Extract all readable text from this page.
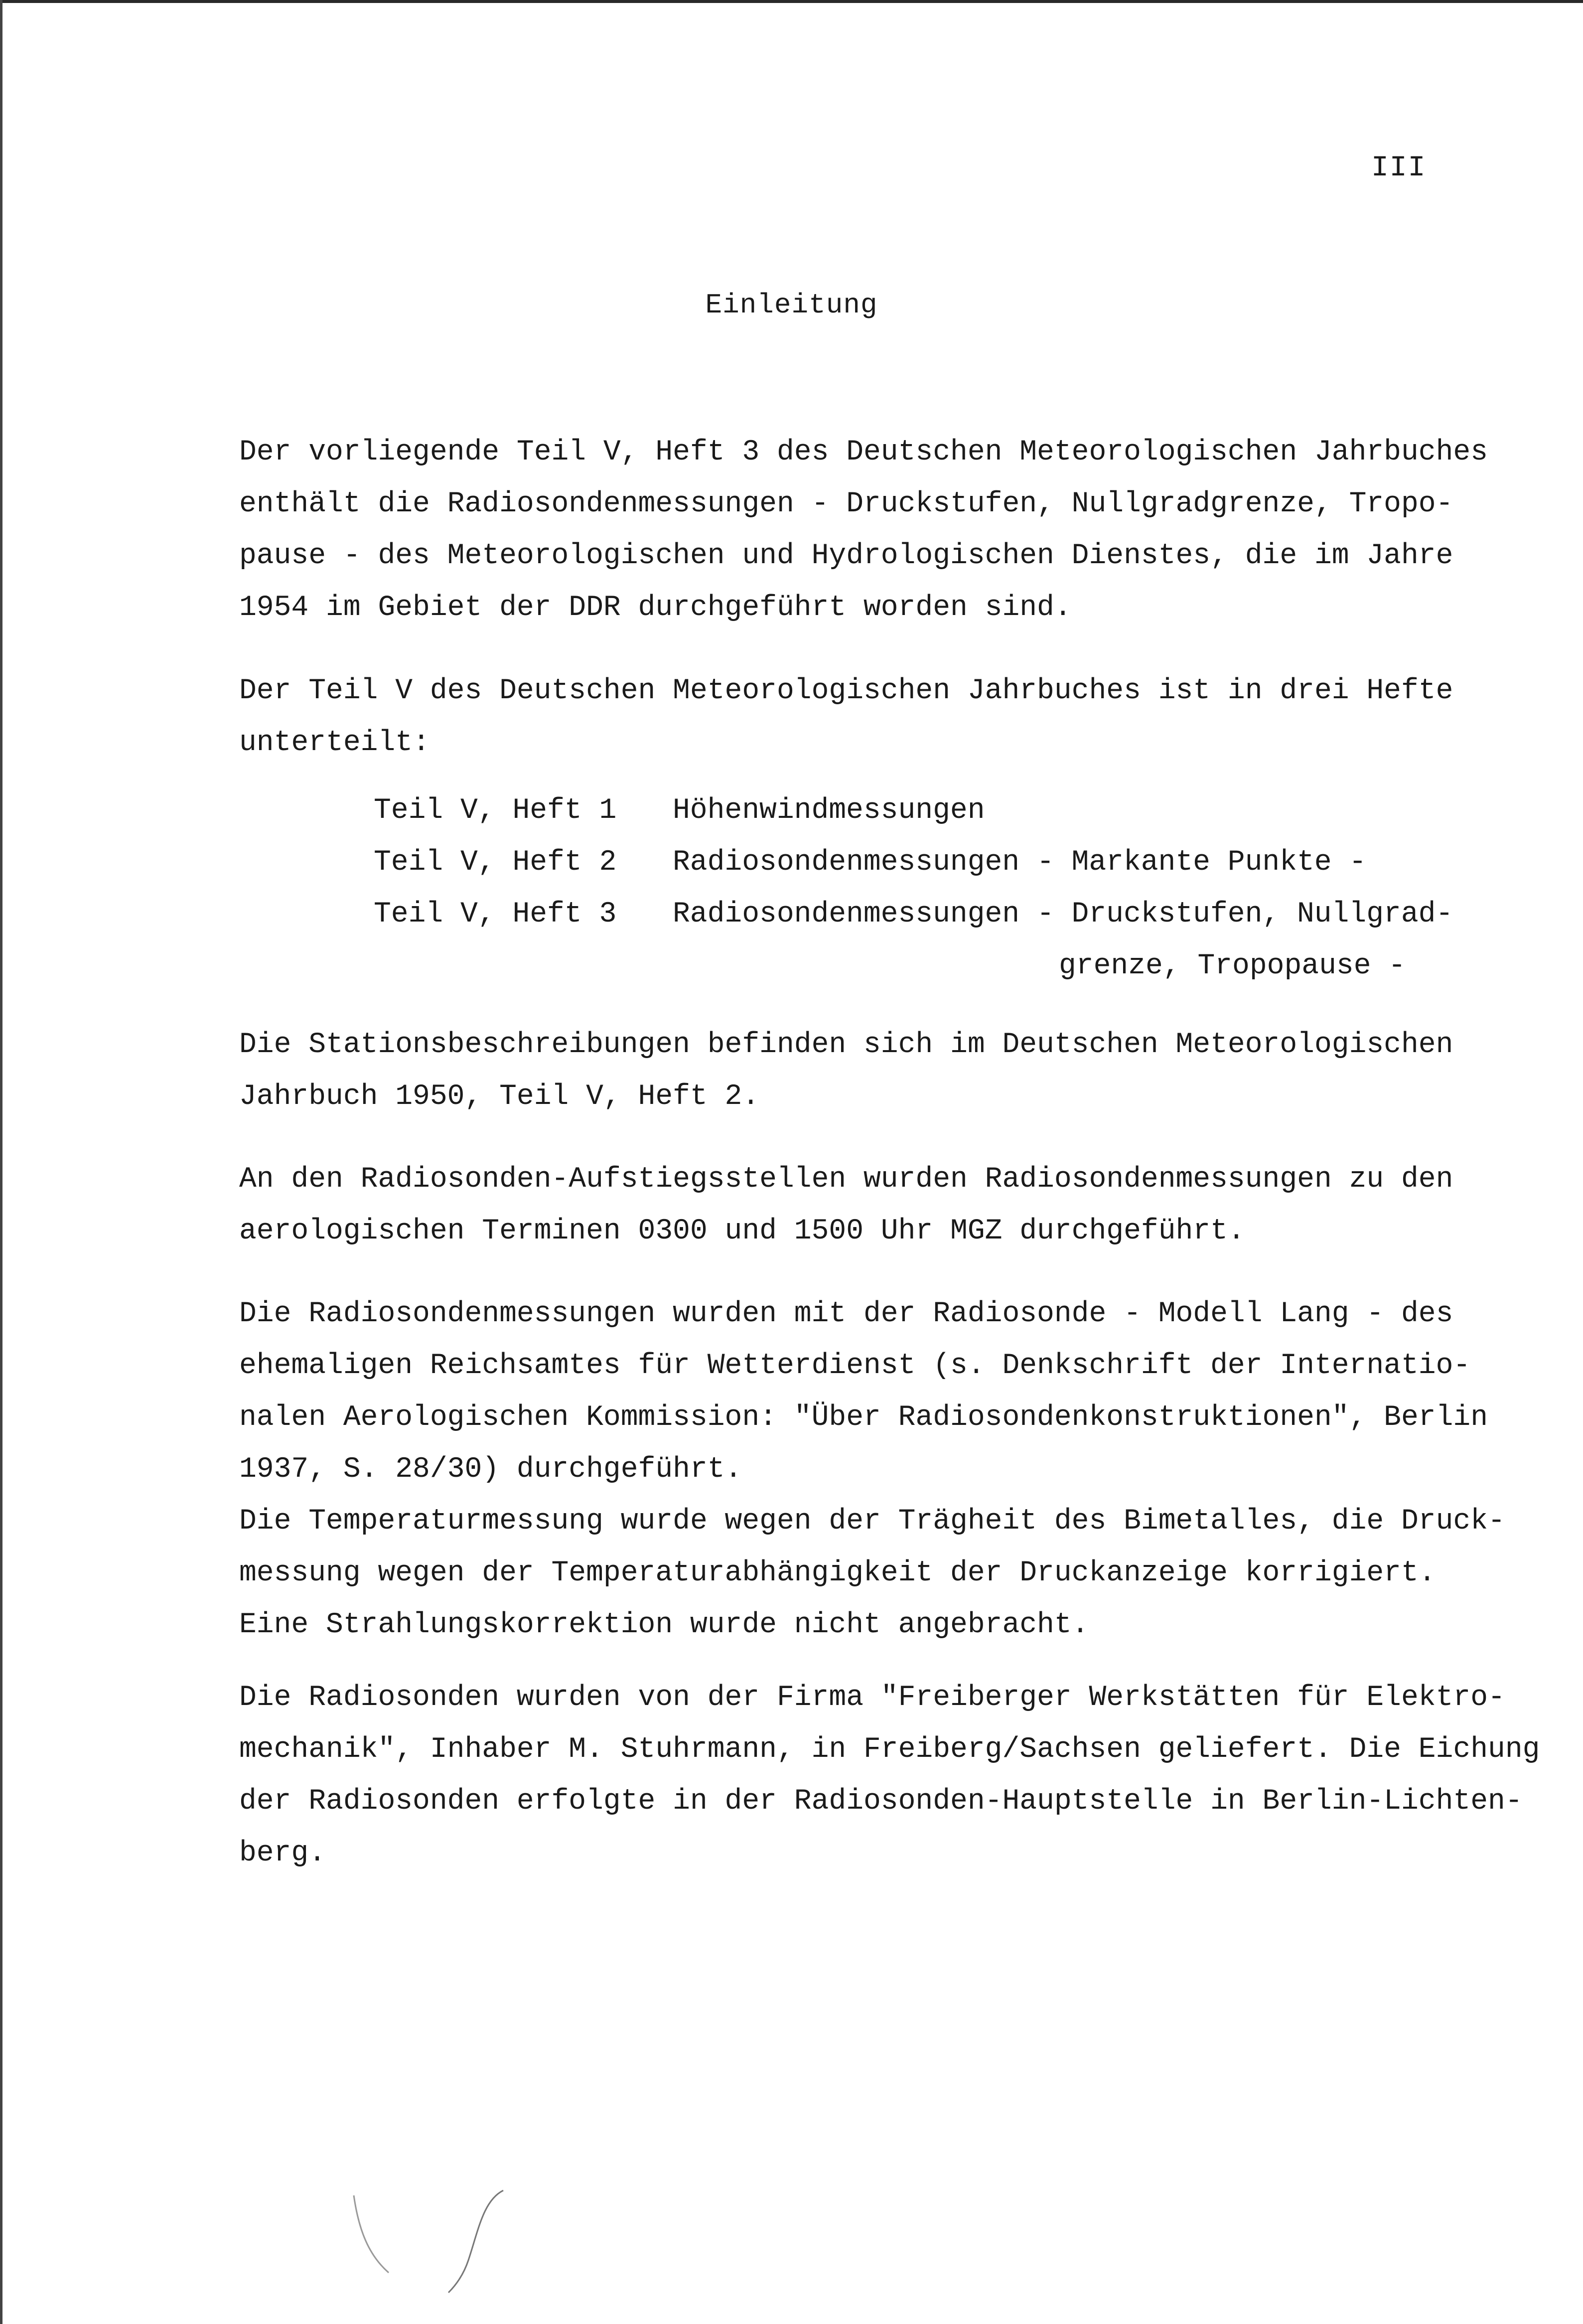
III
Einleitung
Der vorliegende Teil V, Heft 3 des Deutschen Meteorologischen Jahrbuches
enthält die Radiosondenmessungen - Druckstufen, Nullgradgrenze, Tropo-
pause - des Meteorologischen und Hydrologischen Dienstes, die im Jahre
1954 im Gebiet der DDR durchgeführt worden sind.
Der Teil V des Deutschen Meteorologischen Jahrbuches ist in drei Hefte
unterteilt:
Teil V, Heft 1 Höhenwindmessungen
Teil V, Heft 2 Radiosondenmessungen - Markante Punkte -
Teil V, Heft 3 Radiosondenmessungen - Druckstufen, Nullgrad-
grenze, Tropopause -
Die Stationsbeschreibungen befinden sich im Deutschen Meteorologischen
Jahrbuch 1950, Teil V, Heft 2.
An den Radiosonden-Aufstiegsstellen wurden Radiosondenmessungen zu den
aerologischen Terminen 0300 und 1500 Uhr MGZ durchgeführt.
Die Radiosondenmessungen wurden mit der Radiosonde - Modell Lang - des
ehemaligen Reichsamtes für Wetterdienst (s. Denkschrift der Internatio-
nalen Aerologischen Kommission: "Über Radiosondenkonstruktionen", Berlin
1937, S. 28/30) durchgeführt.
Die Temperaturmessung wurde wegen der Trägheit des Bimetalles, die Druck-
messung wegen der Temperaturabhängigkeit der Druckanzeige korrigiert.
Eine Strahlungskorrektion wurde nicht angebracht.
Die Radiosonden wurden von der Firma "Freiberger Werkstätten für Elektro-
mechanik", Inhaber M. Stuhrmann, in Freiberg/Sachsen geliefert. Die Eichung
der Radiosonden erfolgte in der Radiosonden-Hauptstelle in Berlin-Lichten-
berg.
